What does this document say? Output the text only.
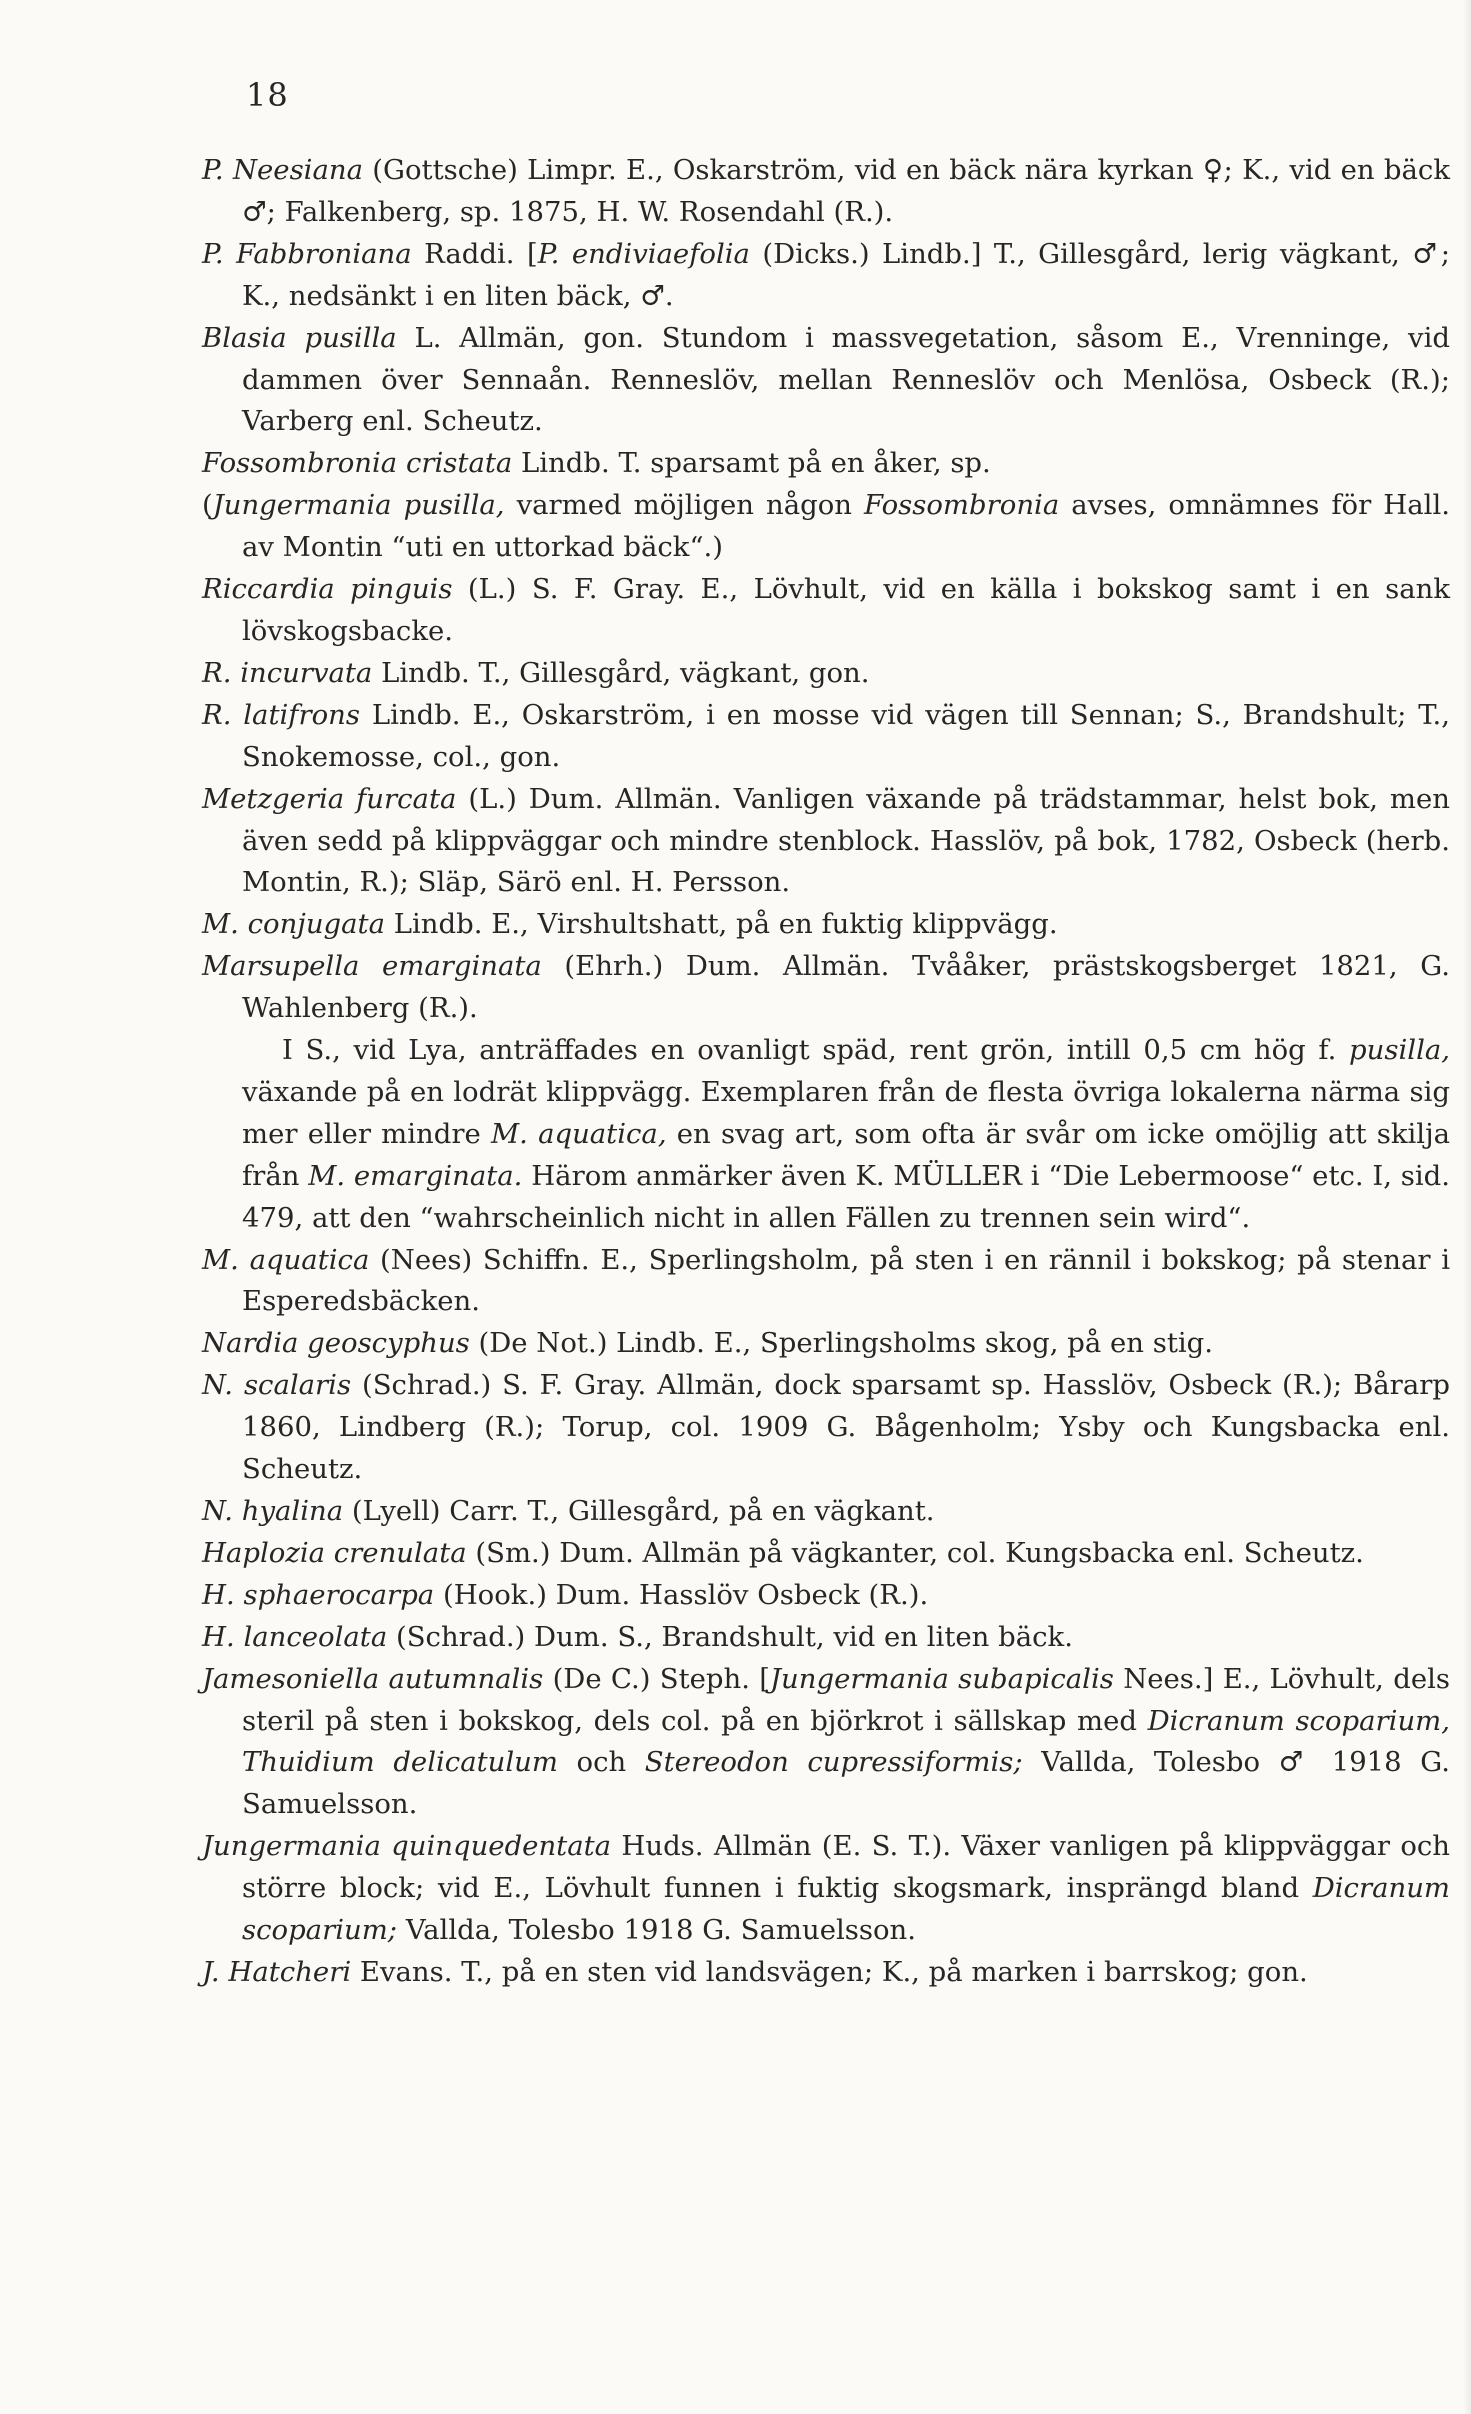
18

P. Neesiana (Gottsche) Limpr. E., Oskarström, vid en bäck nära kyrkan ♀; K., vid en bäck ♂; Falkenberg, sp. 1875, H. W. Rosendahl (R.).

P. Fabbroniana Raddi. [P. endiviaefolia (Dicks.) Lindb.] T., Gillesgård, lerig vägkant, ♂; K., nedsänkt i en liten bäck, ♂.

Blasia pusilla L. Allmän, gon. Stundom i massvegetation, såsom E., Vrenninge, vid dammen över Sennaån. Renneslöv, mellan Renneslöv och Menlösa, Osbeck (R.); Varberg enl. Scheutz.

Fossombronia cristata Lindb. T. sparsamt på en åker, sp.

(Jungermania pusilla, varmed möjligen någon Fossombronia avses, omnämnes för Hall. av Montin “uti en uttorkad bäck“.)

Riccardia pinguis (L.) S. F. Gray. E., Lövhult, vid en källa i bokskog samt i en sank lövskogsbacke.

R. incurvata Lindb. T., Gillesgård, vägkant, gon.

R. latifrons Lindb. E., Oskarström, i en mosse vid vägen till Sennan; S., Brandshult; T., Snokemosse, col., gon.

Metzgeria furcata (L.) Dum. Allmän. Vanligen växande på trädstammar, helst bok, men även sedd på klippväggar och mindre stenblock. Hasslöv, på bok, 1782, Osbeck (herb. Montin, R.); Släp, Särö enl. H. Persson.

M. conjugata Lindb. E., Virshultshatt, på en fuktig klippvägg.

Marsupella emarginata (Ehrh.) Dum. Allmän. Tvååker, prästskogsberget 1821, G. Wahlenberg (R.).

I S., vid Lya, anträffades en ovanligt späd, rent grön, intill 0,5 cm hög f. pusilla, växande på en lodrät klippvägg. Exemplaren från de flesta övriga lokalerna närma sig mer eller mindre M. aquatica, en svag art, som ofta är svår om icke omöjlig att skilja från M. emarginata. Härom anmärker även K. MÜLLER i “Die Lebermoose“ etc. I, sid. 479, att den “wahrscheinlich nicht in allen Fällen zu trennen sein wird“.

M. aquatica (Nees) Schiffn. E., Sperlingsholm, på sten i en rännil i bokskog; på stenar i Esperedsbäcken.

Nardia geoscyphus (De Not.) Lindb. E., Sperlingsholms skog, på en stig.

N. scalaris (Schrad.) S. F. Gray. Allmän, dock sparsamt sp. Hasslöv, Osbeck (R.); Bårarp 1860, Lindberg (R.); Torup, col. 1909 G. Bågenholm; Ysby och Kungsbacka enl. Scheutz.

N. hyalina (Lyell) Carr. T., Gillesgård, på en vägkant.

Haplozia crenulata (Sm.) Dum. Allmän på vägkanter, col. Kungsbacka enl. Scheutz.

H. sphaerocarpa (Hook.) Dum. Hasslöv Osbeck (R.).

H. lanceolata (Schrad.) Dum. S., Brandshult, vid en liten bäck.

Jamesoniella autumnalis (De C.) Steph. [Jungermania subapicalis Nees.] E., Lövhult, dels steril på sten i bokskog, dels col. på en björkrot i sällskap med Dicranum scoparium, Thuidium delicatulum och Stereodon cupressiformis; Vallda, Tolesbo ♂ 1918 G. Samuelsson.

Jungermania quinquedentata Huds. Allmän (E. S. T.). Växer vanligen på klippväggar och större block; vid E., Lövhult funnen i fuktig skogsmark, insprängd bland Dicranum scoparium; Vallda, Tolesbo 1918 G. Samuelsson.

J. Hatcheri Evans. T., på en sten vid landsvägen; K., på marken i barrskog; gon.
